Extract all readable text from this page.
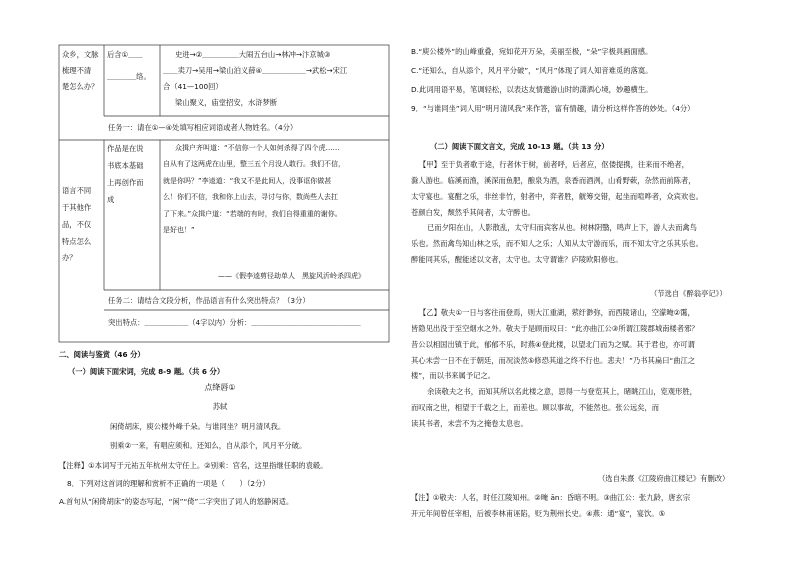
众乡，文脉
梳理不清
楚怎么办？
后含①＿＿
＿＿＿＿络。
史进→②＿＿＿＿＿大闹五台山→林冲→汴京城③
＿＿卖刀→吴用→梁山泊义薛④＿＿＿＿＿＿→武松→宋江
合（41—100回）
梁山聚义，庙堂招安，水浒梦断
任务一：请在①—④处填写相应词语或者人物姓名。（4分）
语言不同
于其他作
品，不仅
特点怎么
办？
作品是在说
书底本基础
上再创作而
成
众揖户齐叫道：“不信你一个人如何杀得了四个虎……
自从有了这两虎在山里，整三五个月没人敢行。我们不信，
就是你吗？”李逵道：“我又不是此间人，没事诓你做甚
么！你们不信，我和你上山去，寻讨与你，数尚些人去扛
了下来。”众揖户道：“若端的有时，我们自得重重的谢你。
是好也！”
——《假李逵剪径劫单人　黑旋风沂岭杀四虎》
任务二：请结合文段分析，作品语言有什么突出特点？（3分）
突出特点：＿＿＿＿＿＿（4字以内）分析：＿＿＿＿＿＿＿＿＿＿＿＿＿＿＿
二、阅读与鉴赏（46 分）
（一）阅读下面宋词，完成 8-9 题。（共 6 分）
点绛唇①
苏轼
闲倚胡床，庾公楼外峰千朵。与谁同坐？明月清风我。
别乘②一来，有唱应须和。还知么，自从添个，风月平分破。
【注释】①本词写于元祐五年杭州太守任上。②别乘：官名，这里指继任职的袁毂。
8．下列对这首词的理解和赏析不正确的一项是（　　）（2分）
A.首句从“闲倚胡床”的姿态写起，“闲”“倚”二字突出了词人的悠静闲适。
B.“庾公楼外”的山峰重叠，宛如花开万朵，美丽至极，“朵”字极具画面感。
C.“还知么，自从添个，风月平分破”，“风月”体现了词人知音难觅的落寞。
D.此词用语平易，笔调轻松，以表达友情邀游山时的潇洒心境，妙趣横生。
9．“与谁同坐”词人用“明月清风我”来作答，富有情趣，请分析这样作答的妙处。（4分）
（二）阅读下面文言文，完成 10-13 题。（共 13 分）
【甲】至于负者歌于途，行者休于树，前者呼，后者应，伛偻提携，往来而不绝者，
滁人游也。临溪而渔，溪深而鱼肥，酿泉为酒，泉香而酒洌，山肴野蔌，杂然而前陈者，
太守宴也。宴酣之乐，非丝非竹，射者中，弈者胜，觥筹交错，起坐而喧哗者，众宾欢也。
苍颜白发，颓然乎其间者，太守醉也。
已而夕阳在山，人影散乱，太守归而宾客从也。树林阴翳，鸣声上下，游人去而禽鸟
乐也。然而禽鸟知山林之乐，而不知人之乐；人知从太守游而乐，而不知太守之乐其乐也。
醉能同其乐，醒能述以文者，太守也。太守谓谁？庐陵欧阳修也。
（节选自《醉翁亭记》）
【乙】敬夫①一日与客往而登焉，则大江重湖，萦纡渺弥，而西陵诸山，空濛晻②霭，
皆隐见出没于至空烟水之外。敬夫于是顾而叹曰：“此亦曲江公③所谓江陵郡城南楼者邪？
昔公以相国出镇于此，郁郁不乐，时燕④登此楼，以望北门而为之赋。其于君也，亦可谓
其心未尝一日不在于朝廷，而况淡然⑤修恐其道之终不行也。悲夫！”乃书其扁曰“曲江之
楼”，而以书来属予记之。
余读敬夫之书，而知其所以名此楼之意，思得一与登览其上，睹眺江山，览观形胜，
而叹南之世，相望于千载之上，而差也。顾以事故，不能然也。张公远矣，而
读其书者，未尝不为之掩卷太息也。
（选自朱熹《江陵府曲江楼记》有删改）
【注】①敬夫：人名，时任江陵知州。②晻 ān：昏暗不明。③曲江公：张九龄，唐玄宗
开元年间曾任宰相，后被李林甫诬陷，贬为荆州长史。④燕：通“宴”，宴饮。⑤
